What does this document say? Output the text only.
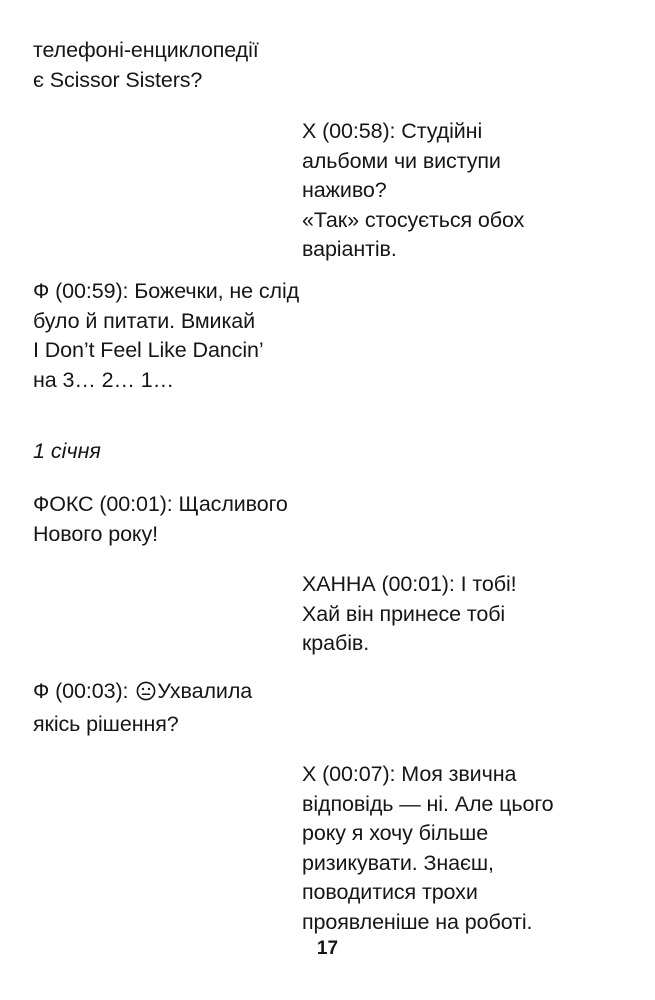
телефоні-енциклопедії
є Scissor Sisters?
Х (00:58): Студійні
альбоми чи виступи
наживо?
«Так» стосується обох
варіантів.
Ф (00:59): Божечки, не слід
було й питати. Вмикай
I Don’t Feel Like Dancin’
на 3… 2… 1…
1 січня
ФОКС (00:01): Щасливого
Нового року!
ХАННА (00:01): І тобі!
Хай він принесе тобі
крабів.
Ф (00:03): Ухвалила
якісь рішення?
Х (00:07): Моя звична
відповідь — ні. Але цього
року я хочу більше
ризикувати. Знаєш,
поводитися трохи
проявленіше на роботі.
17
